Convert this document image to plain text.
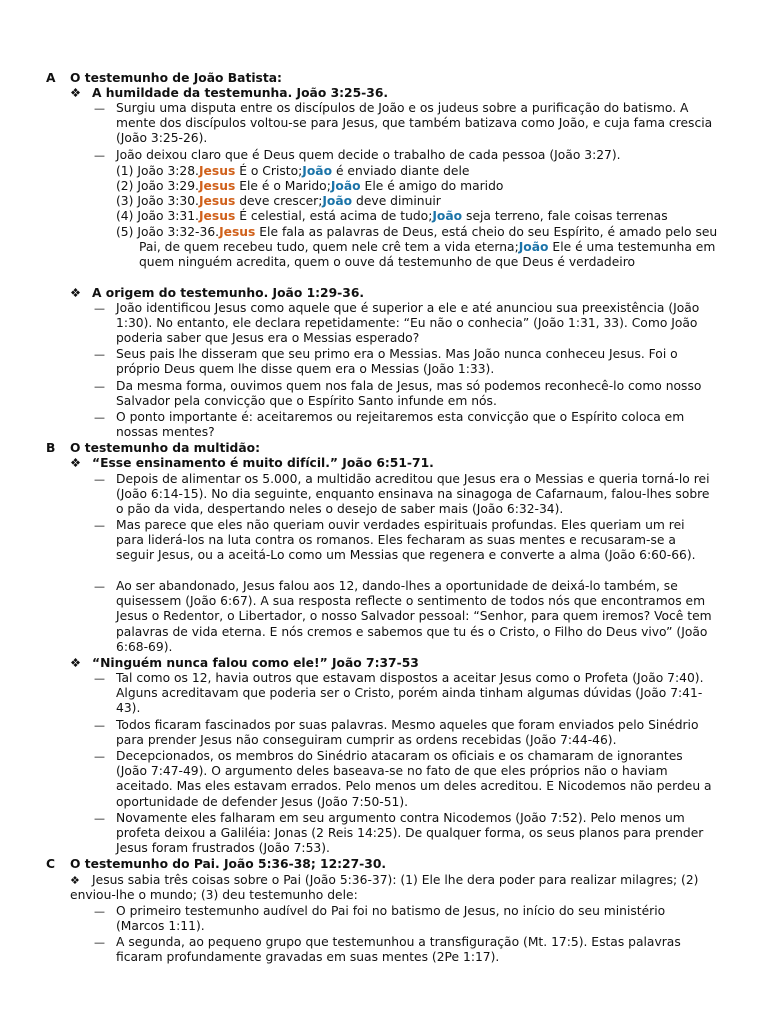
A O testemunho de João Batista:
❖ A humildade da testemunha. João 3:25-36.
— Surgiu uma disputa entre os discípulos de João e os judeus sobre a purificação do batismo. A mente dos discípulos voltou-se para Jesus, que também batizava como João, e cuja fama crescia (João 3:25-26).
— João deixou claro que é Deus quem decide o trabalho de cada pessoa (João 3:27).
(1) João 3:28.Jesus É o Cristo;João é enviado diante dele
(2) João 3:29.Jesus Ele é o Marido;João Ele é amigo do marido
(3) João 3:30.Jesus deve crescer;João deve diminuir
(4) João 3:31.Jesus É celestial, está acima de tudo;João seja terreno, fale coisas terrenas
(5) João 3:32-36.Jesus Ele fala as palavras de Deus, está cheio do seu Espírito, é amado pelo seu Pai, de quem recebeu tudo, quem nele crê tem a vida eterna;João Ele é uma testemunha em quem ninguém acredita, quem o ouve dá testemunho de que Deus é verdadeiro
❖ A origem do testemunho. João 1:29-36.
— João identificou Jesus como aquele que é superior a ele e até anunciou sua preexistência (João 1:30). No entanto, ele declara repetidamente: “Eu não o conhecia” (João 1:31, 33). Como João poderia saber que Jesus era o Messias esperado?
— Seus pais lhe disseram que seu primo era o Messias. Mas João nunca conheceu Jesus. Foi o próprio Deus quem lhe disse quem era o Messias (João 1:33).
— Da mesma forma, ouvimos quem nos fala de Jesus, mas só podemos reconhecê-lo como nosso Salvador pela convicção que o Espírito Santo infunde em nós.
— O ponto importante é: aceitaremos ou rejeitaremos esta convicção que o Espírito coloca em nossas mentes?
B O testemunho da multidão:
❖ “Esse ensinamento é muito difícil.” João 6:51-71.
— Depois de alimentar os 5.000, a multidão acreditou que Jesus era o Messias e queria torná-lo rei (João 6:14-15). No dia seguinte, enquanto ensinava na sinagoga de Cafarnaum, falou-lhes sobre o pão da vida, despertando neles o desejo de saber mais (João 6:32-34).
— Mas parece que eles não queriam ouvir verdades espirituais profundas. Eles queriam um rei para liderá-los na luta contra os romanos. Eles fecharam as suas mentes e recusaram-se a seguir Jesus, ou a aceitá-Lo como um Messias que regenera e converte a alma (João 6:60-66).
— Ao ser abandonado, Jesus falou aos 12, dando-lhes a oportunidade de deixá-lo também, se quisessem (João 6:67). A sua resposta reflecte o sentimento de todos nós que encontramos em Jesus o Redentor, o Libertador, o nosso Salvador pessoal: “Senhor, para quem iremos? Você tem palavras de vida eterna. E nós cremos e sabemos que tu és o Cristo, o Filho do Deus vivo” (João 6:68-69).
❖ “Ninguém nunca falou como ele!” João 7:37-53
— Tal como os 12, havia outros que estavam dispostos a aceitar Jesus como o Profeta (João 7:40). Alguns acreditavam que poderia ser o Cristo, porém ainda tinham algumas dúvidas (João 7:41-43).
— Todos ficaram fascinados por suas palavras. Mesmo aqueles que foram enviados pelo Sinédrio para prender Jesus não conseguiram cumprir as ordens recebidas (João 7:44-46).
— Decepcionados, os membros do Sinédrio atacaram os oficiais e os chamaram de ignorantes (João 7:47-49). O argumento deles baseava-se no fato de que eles próprios não o haviam aceitado. Mas eles estavam errados. Pelo menos um deles acreditou. E Nicodemos não perdeu a oportunidade de defender Jesus (João 7:50-51).
— Novamente eles falharam em seu argumento contra Nicodemos (João 7:52). Pelo menos um profeta deixou a Galiléia: Jonas (2 Reis 14:25). De qualquer forma, os seus planos para prender Jesus foram frustrados (João 7:53).
C O testemunho do Pai. João 5:36-38; 12:27-30.
❖ Jesus sabia três coisas sobre o Pai (João 5:36-37): (1) Ele lhe dera poder para realizar milagres; (2) enviou-lhe o mundo; (3) deu testemunho dele:
— O primeiro testemunho audível do Pai foi no batismo de Jesus, no início do seu ministério (Marcos 1:11).
— A segunda, ao pequeno grupo que testemunhou a transfiguração (Mt. 17:5). Estas palavras ficaram profundamente gravadas em suas mentes (2Pe 1:17).
